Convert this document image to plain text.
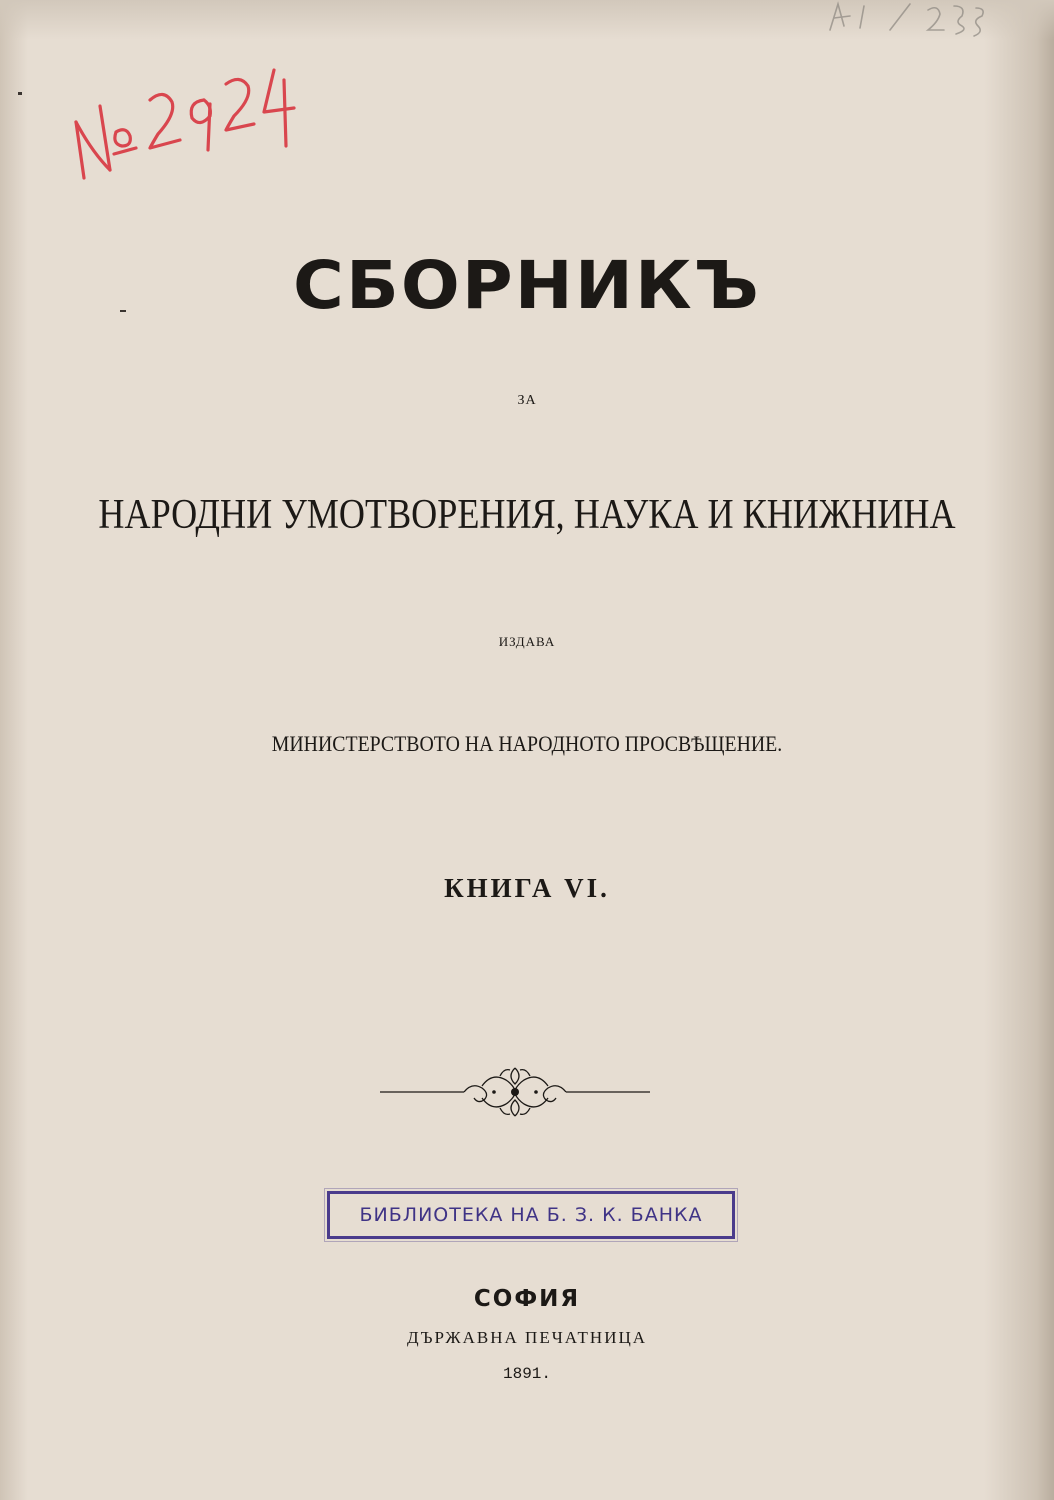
СБОРНИКЪ
ЗА
НАРОДНИ УМОТВОРЕНИЯ, НАУКА И КНИЖНИНА
ИЗДАВА
МИНИСТЕРСТВОТО НА НАРОДНОТО ПРОСВѢЩЕНИЕ.
КНИГА VI.
БИБЛИОТЕКА НА Б. З. К. БАНКА
СОФИЯ
ДЪРЖАВНА ПЕЧАТНИЦА
1891.
